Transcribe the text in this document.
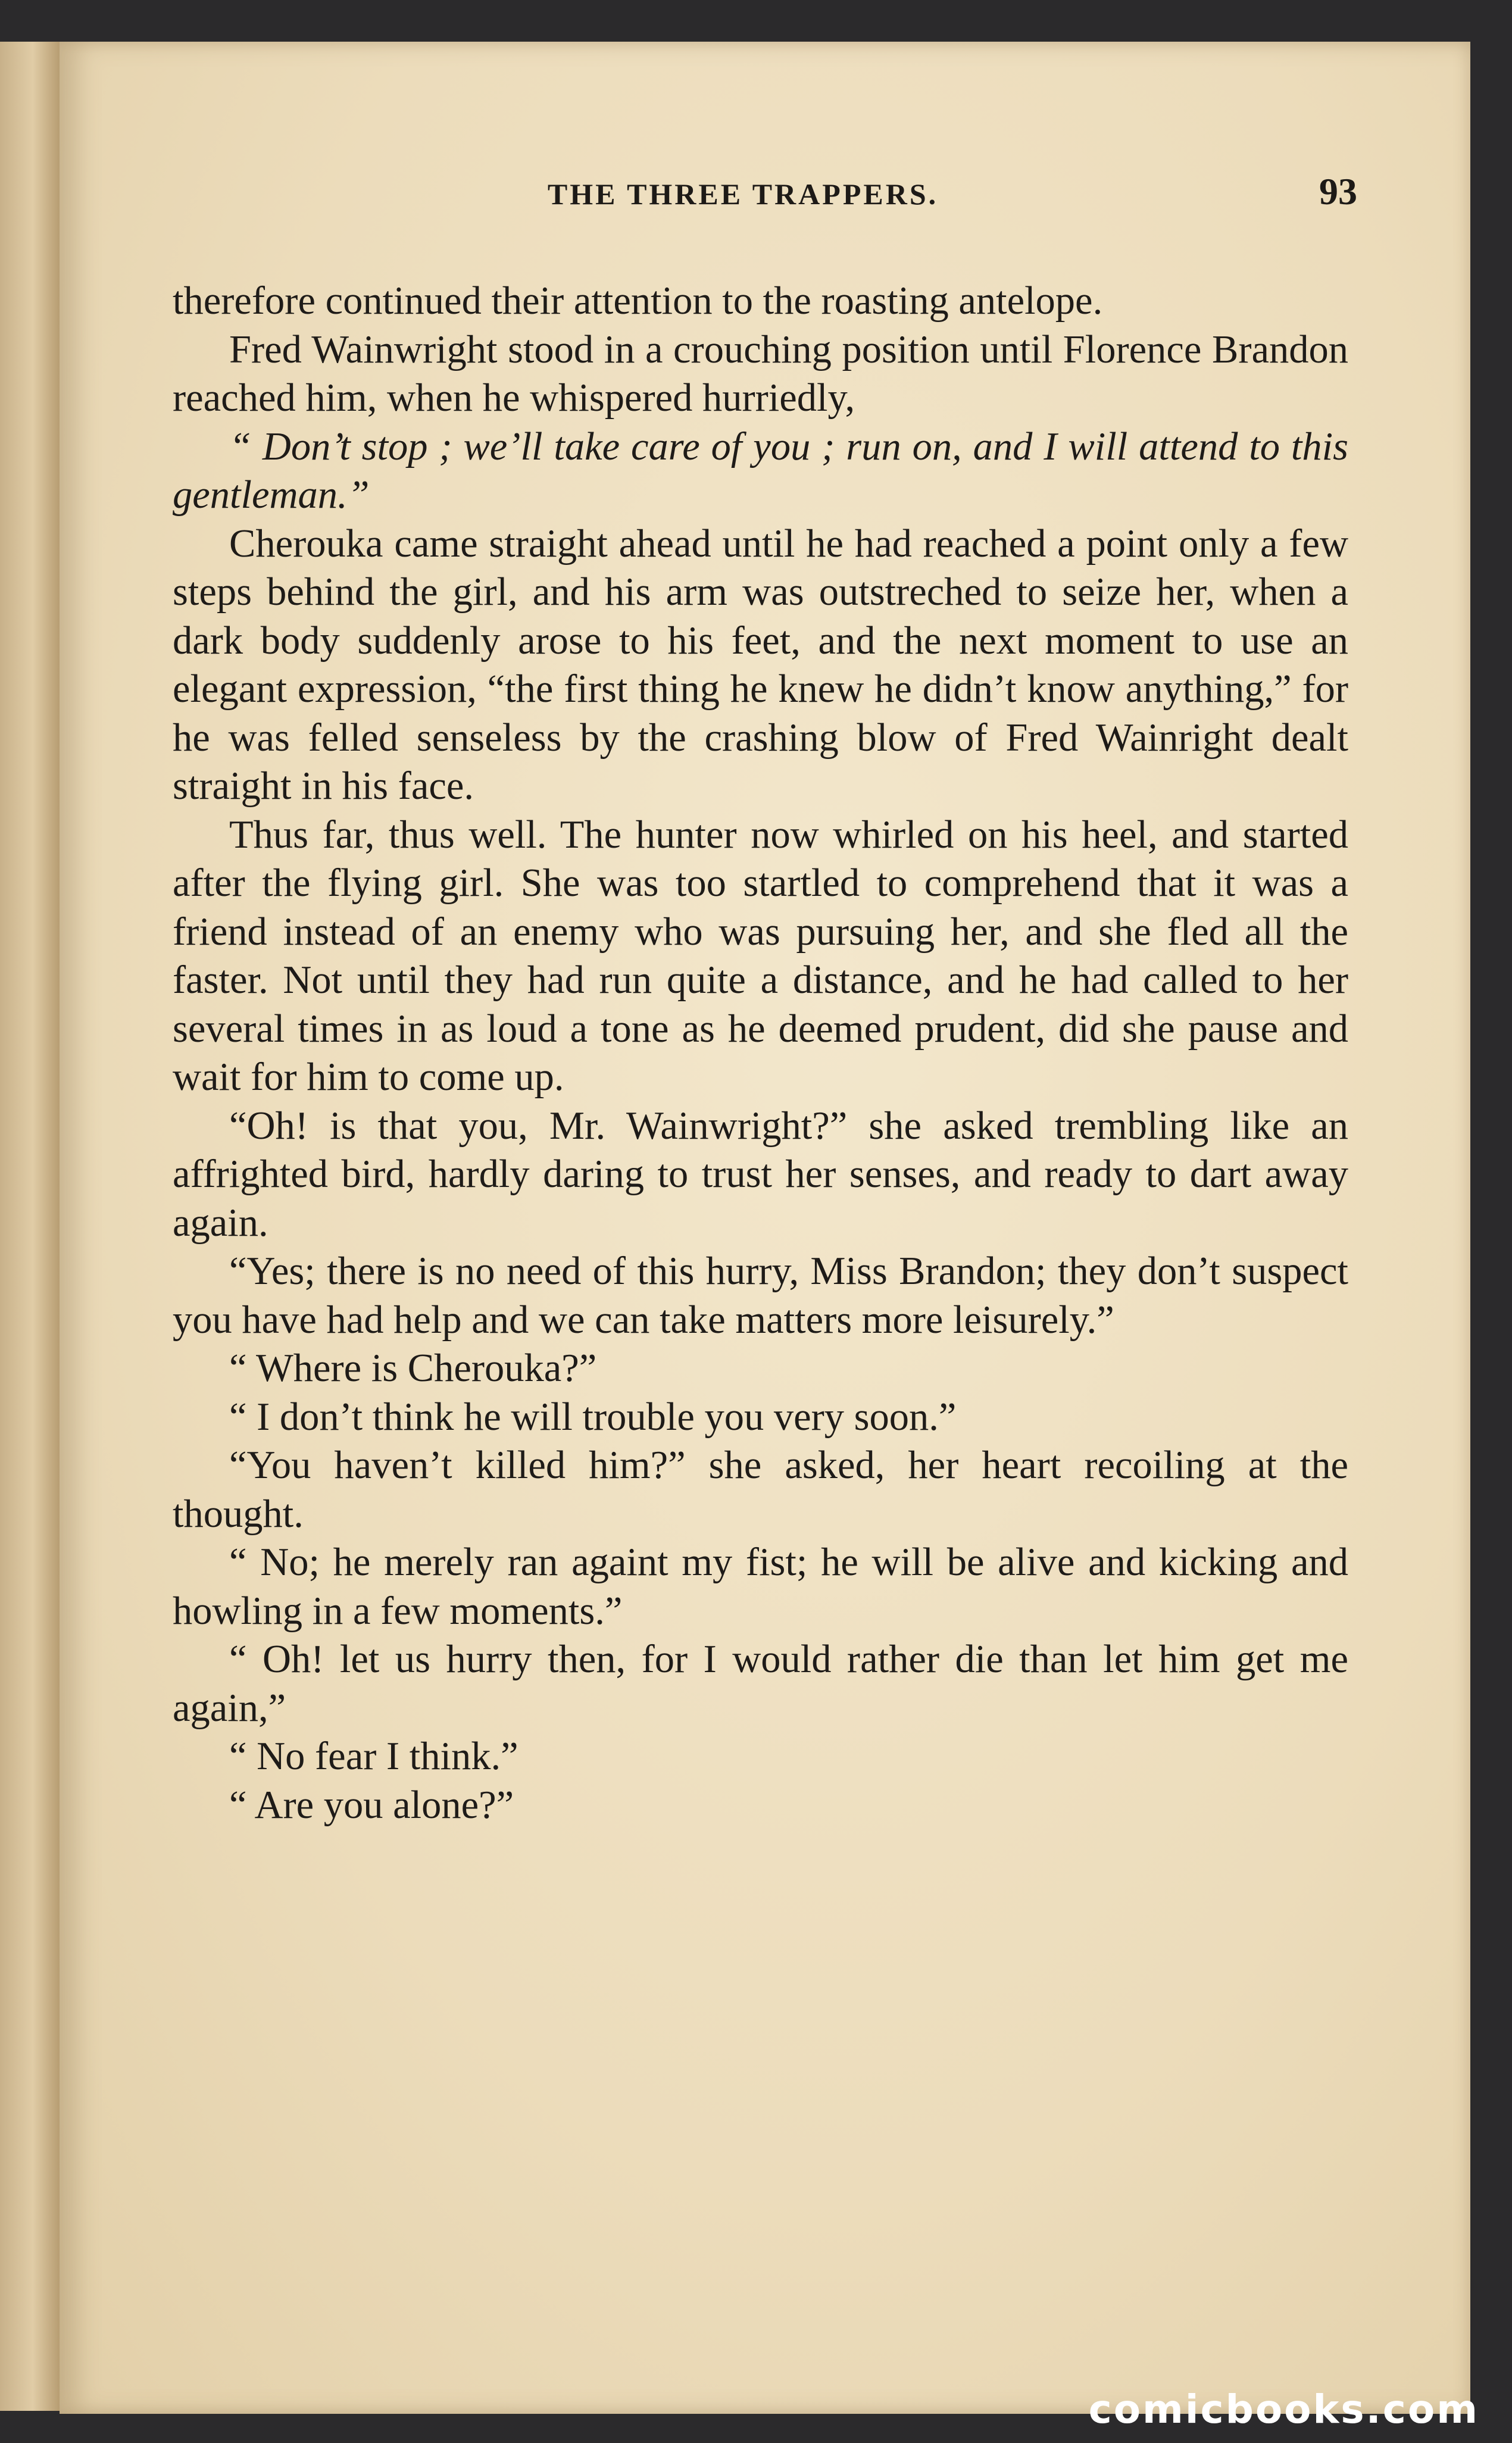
THE THREE TRAPPERS.	93

therefore continued their attention to the roasting antelope.

Fred Wainwright stood in a crouching position until Florence Brandon reached him, when he whispered hurriedly,

“ Don’t stop ; we’ll take care of you ; run on, and I will attend to this gentleman.”

Cherouka came straight ahead until he had reached a point only a few steps behind the girl, and his arm was outstreched to seize her, when a dark body suddenly arose to his feet, and the next moment to use an elegant expression, “the first thing he knew he didn’t know anything,” for he was felled senseless by the crashing blow of Fred Wainright dealt straight in his face.

Thus far, thus well. The hunter now whirled on his heel, and started after the flying girl. She was too startled to comprehend that it was a friend instead of an enemy who was pursuing her, and she fled all the faster. Not until they had run quite a distance, and he had called to her several times in as loud a tone as he deemed prudent, did she pause and wait for him to come up.

“Oh! is that you, Mr. Wainwright?” she asked trembling like an affrighted bird, hardly daring to trust her senses, and ready to dart away again.

“Yes; there is no need of this hurry, Miss Brandon; they don’t suspect you have had help and we can take matters more leisurely.”

“ Where is Cherouka?”

“ I don’t think he will trouble you very soon.”

“You haven’t killed him?” she asked, her heart recoiling at the thought.

“ No; he merely ran againt my fist; he will be alive and kicking and howling in a few moments.”

“ Oh! let us hurry then, for I would rather die than let him get me again,”

“ No fear I think.”

“ Are you alone?”

comicbooks.com
